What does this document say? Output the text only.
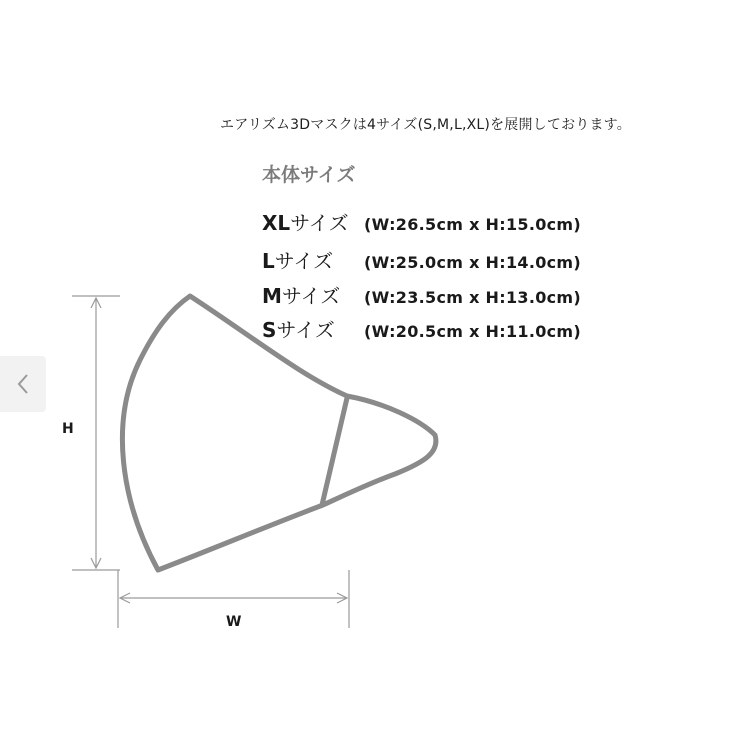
エアリズム3Dマスクは4サイズ(S,M,L,XL)を展開しております。
本体サイズ
XLサイズ (W:26.5cm x H:15.0cm)
Lサイズ (W:25.0cm x H:14.0cm)
Mサイズ (W:23.5cm x H:13.0cm)
Sサイズ (W:20.5cm x H:11.0cm)
H
W
